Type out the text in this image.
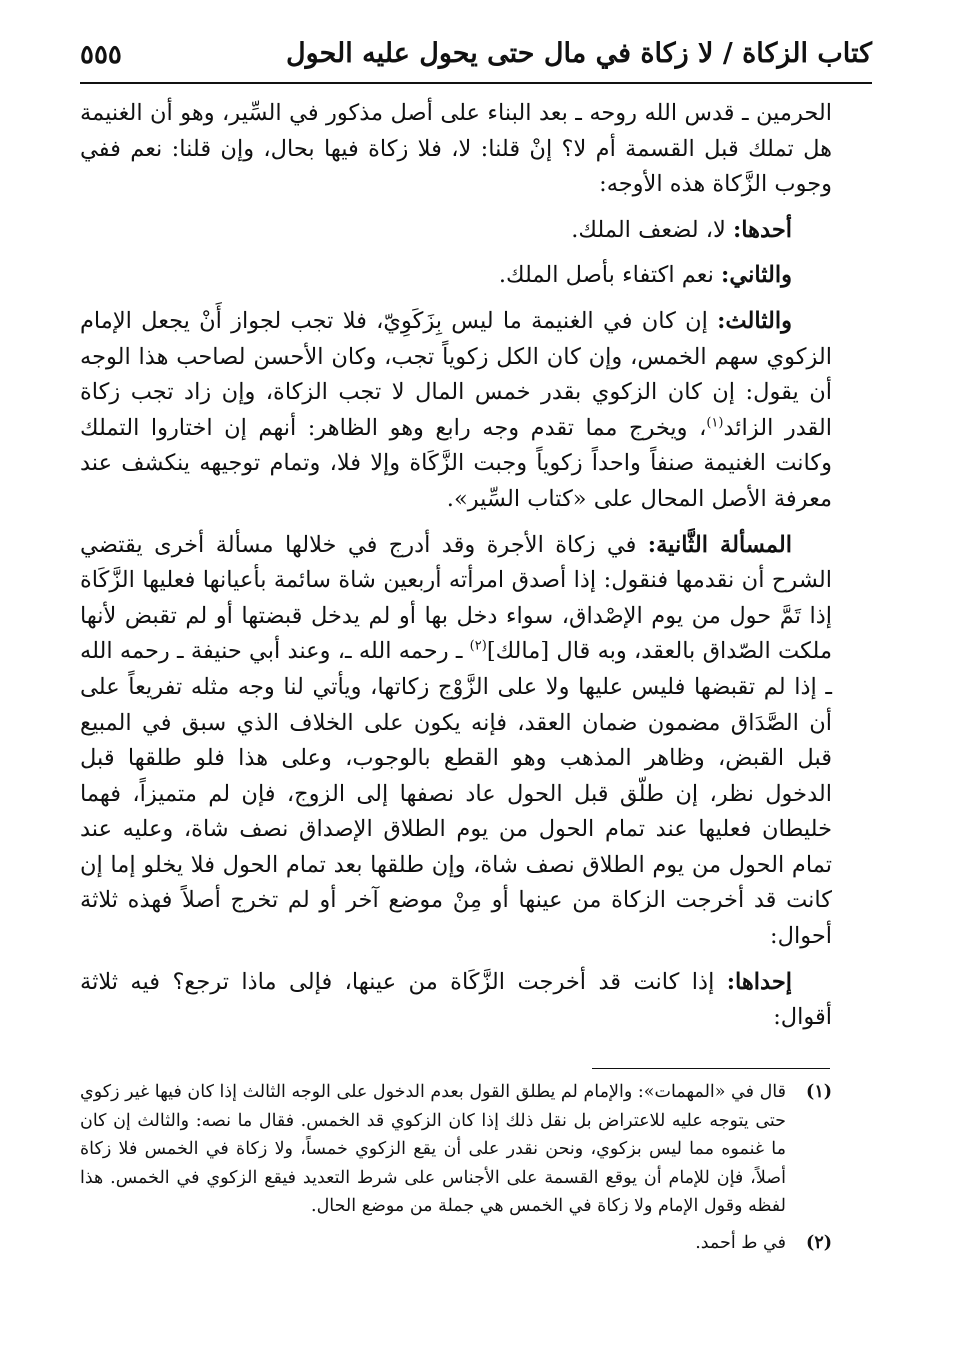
كتاب الزكاة / لا زكاة في مال حتى يحول عليه الحول
٥٥٥

الحرمين ـ قدس الله روحه ـ بعد البناء على أصل مذكور في السِّير، وهو أن الغنيمة هل تملك قبل القسمة أم لا؟ إنْ قلنا: لا، فلا زكاة فيها بحال، وإن قلنا: نعم ففي وجوب الزَّكاة هذه الأوجه:

أحدها: لا، لضعف الملك.

والثاني: نعم اكتفاء بأصل الملك.

والثالث: إن كان في الغنيمة ما ليس بِزَكَوِيّ، فلا تجب لجواز أَنْ يجعل الإمام الزكوي سهم الخمس، وإن كان الكل زكوياً تجب، وكان الأحسن لصاحب هذا الوجه أن يقول: إن كان الزكوي بقدر خمس المال لا تجب الزكاة، وإن زاد تجب زكاة القدر الزائد$^{(١)}$، ويخرج مما تقدم وجه رابع وهو الظاهر: أنهم إن اختاروا التملك وكانت الغنيمة صنفاً واحداً زكوياً وجبت الزَّكَاة وإلا فلا، وتمام توجيهه ينكشف عند معرفة الأصل المحال على «كتاب السِّير».

المسألة الثَّانية: في زكاة الأجرة وقد أدرج في خلالها مسألة أخرى يقتضي الشرح أن نقدمها فنقول: إذا أصدق امرأته أربعين شاة سائمة بأعيانها فعليها الزَّكَاة إذا تَمَّ حول من يوم الإصْداق، سواء دخل بها أو لم يدخل قبضتها أو لم تقبض لأنها ملكت الصّداق بالعقد، وبه قال [مالك]$^{(٢)}$ ـ رحمه الله ـ، وعند أبي حنيفة ـ رحمه الله ـ إذا لم تقبضها فليس عليها ولا على الزَّوْج زكاتها، ويأتي لنا وجه مثله تفريعاً على أن الصَّدَاق مضمون ضمان العقد، فإنه يكون على الخلاف الذي سبق في المبيع قبل القبض، وظاهر المذهب وهو القطع بالوجوب، وعلى هذا فلو طلقها قبل الدخول نظر، إن طلّق قبل الحول عاد نصفها إلى الزوج، فإن لم متميزاً، فهما خليطان فعليها عند تمام الحول من يوم الطلاق الإصداق نصف شاة، وعليه عند تمام الحول من يوم الطلاق نصف شاة، وإن طلقها بعد تمام الحول فلا يخلو إما إن كانت قد أخرجت الزكاة من عينها أو مِنْ موضع آخر أو لم تخرج أصلاً فهذه ثلاثة أحوال:

إحداها: إذا كانت قد أخرجت الزَّكَاة من عينها، فإلى ماذا ترجع؟ فيه ثلاثة أقوال:

(١)
قال في «المهمات»: والإمام لم يطلق القول بعدم الدخول على الوجه الثالث إذا كان فيها غير زكوي حتى يتوجه عليه للاعتراض بل نقل ذلك إذا كان الزكوي قد الخمس. فقال ما نصه: والثالث إن كان ما غنموه مما ليس بزكوي، ونحن نقدر على أن يقع الزكوي خمساً، ولا زكاة في الخمس فلا زكاة أصلاً، فإن للإمام أن يوقع القسمة على الأجناس على شرط التعديد فيقع الزكوي في الخمس. هذا لفظه وقول الإمام ولا زكاة في الخمس هي جملة من موضع الحال.
(٢)
في ط أحمد.
